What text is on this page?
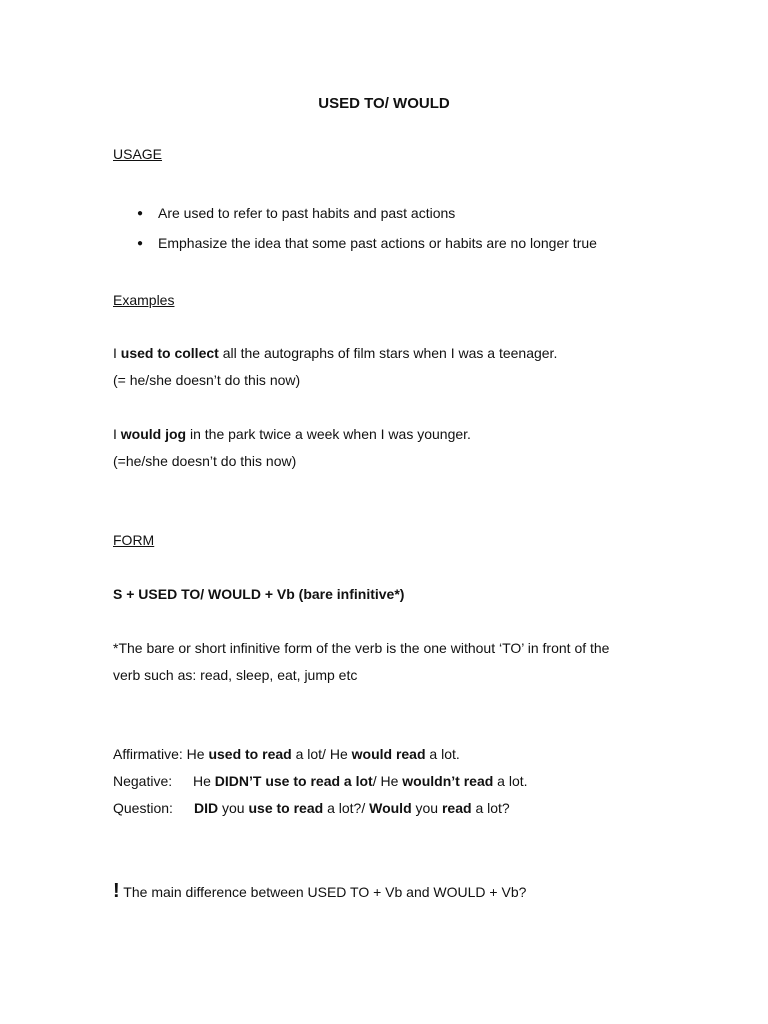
USED TO/ WOULD
USAGE
● Are used to refer to past habits and past actions
● Emphasize the idea that some past actions or habits are no longer true
Examples
I used to collect all the autographs of film stars when I was a teenager.
(= he/she doesn’t do this now)
I would jog in the park twice a week when I was younger.
(=he/she doesn’t do this now)
FORM
S + USED TO/ WOULD + Vb (bare infinitive*)
*The bare or short infinitive form of the verb is the one without ‘TO’ in front of the
verb such as: read, sleep, eat, jump etc
Affirmative: He used to read a lot/ He would read a lot.
Negative: He DIDN’T use to read a lot/ He wouldn’t read a lot.
Question: DID you use to read a lot?/ Would you read a lot?
! The main difference between USED TO + Vb and WOULD + Vb?
